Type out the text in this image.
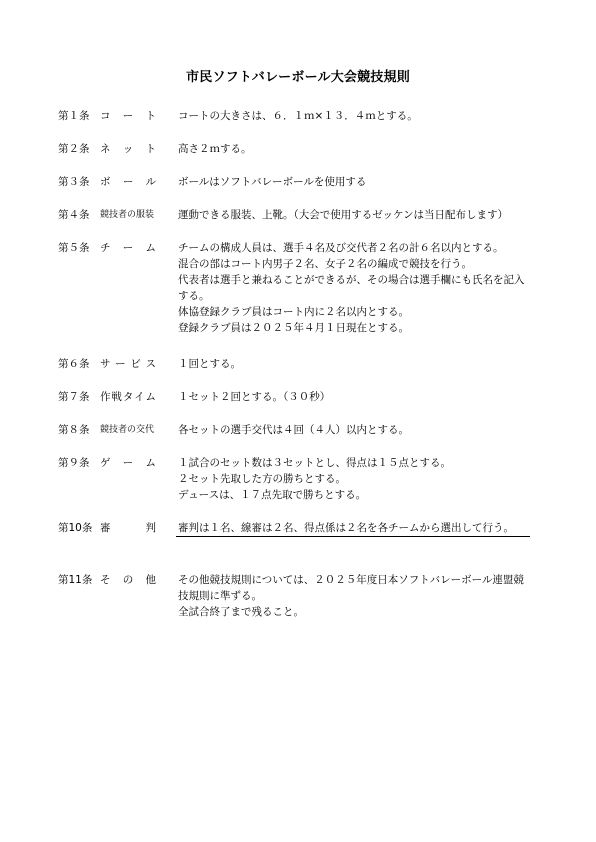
市民ソフトバレーボール大会競技規則
第１条 コート コートの大きさは、６．１ｍ×１３．４ｍとする。
第２条 ネット 高さ２ｍする。
第３条 ボール ボールはソフトバレーボールを使用する
第４条 競技者の服装 運動できる服装、上靴。（大会で使用するゼッケンは当日配布します）
第５条 チーム チームの構成人員は、選手４名及び交代者２名の計６名以内とする。
混合の部はコート内男子２名、女子２名の編成で競技を行う。
代表者は選手と兼ねることができるが、その場合は選手欄にも氏名を記入する。
体協登録クラブ員はコート内に２名以内とする。
登録クラブ員は２０２５年４月１日現在とする。
第６条 サービス １回とする。
第７条 作戦タイム １セット２回とする。（３０秒）
第８条 競技者の交代 各セットの選手交代は４回（４人）以内とする。
第９条 ゲーム １試合のセット数は３セットとし、得点は１５点とする。
２セット先取した方の勝ちとする。
デュースは、１７点先取で勝ちとする。
第10条 審判 審判は１名、線審は２名、得点係は２名を各チームから選出して行う。
第11条 その他 その他競技規則については、２０２５年度日本ソフトバレーボール連盟競技規則に準ずる。
全試合終了まで残ること。
